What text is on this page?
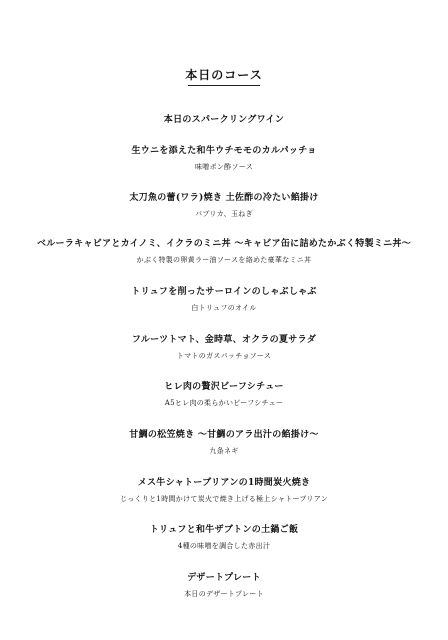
本日のコース
本日のスパークリングワイン
生ウニを添えた和牛ウチモモのカルパッチョ
味噌ポン酢ソース
太刀魚の蕾(ワラ)焼き 土佐酢の冷たい餡掛け
パプリカ、玉ねぎ
ベルーラキャビアとカイノミ、イクラのミニ丼 ～キャビア缶に詰めたかぶく特製ミニ丼～
かぶく特製の卵黄ラー油ソースを絡めた豪華なミニ丼
トリュフを削ったサーロインのしゃぶしゃぶ
白トリュフのオイル
フルーツトマト、金時草、オクラの夏サラダ
トマトのガスパッチョソース
ヒレ肉の贅沢ビーフシチュー
A5ヒレ肉の柔らかいビーフシチュー
甘鯛の松笠焼き ～甘鯛のアラ出汁の餡掛け～
九条ネギ
メス牛シャトーブリアンの1時間炭火焼き
じっくりと1時間かけて炭火で焼き上げる極上シャトーブリアン
トリュフと和牛ザブトンの土鍋ご飯
4種の味噌を調合した赤出汁
デザートプレート
本日のデザートプレート
